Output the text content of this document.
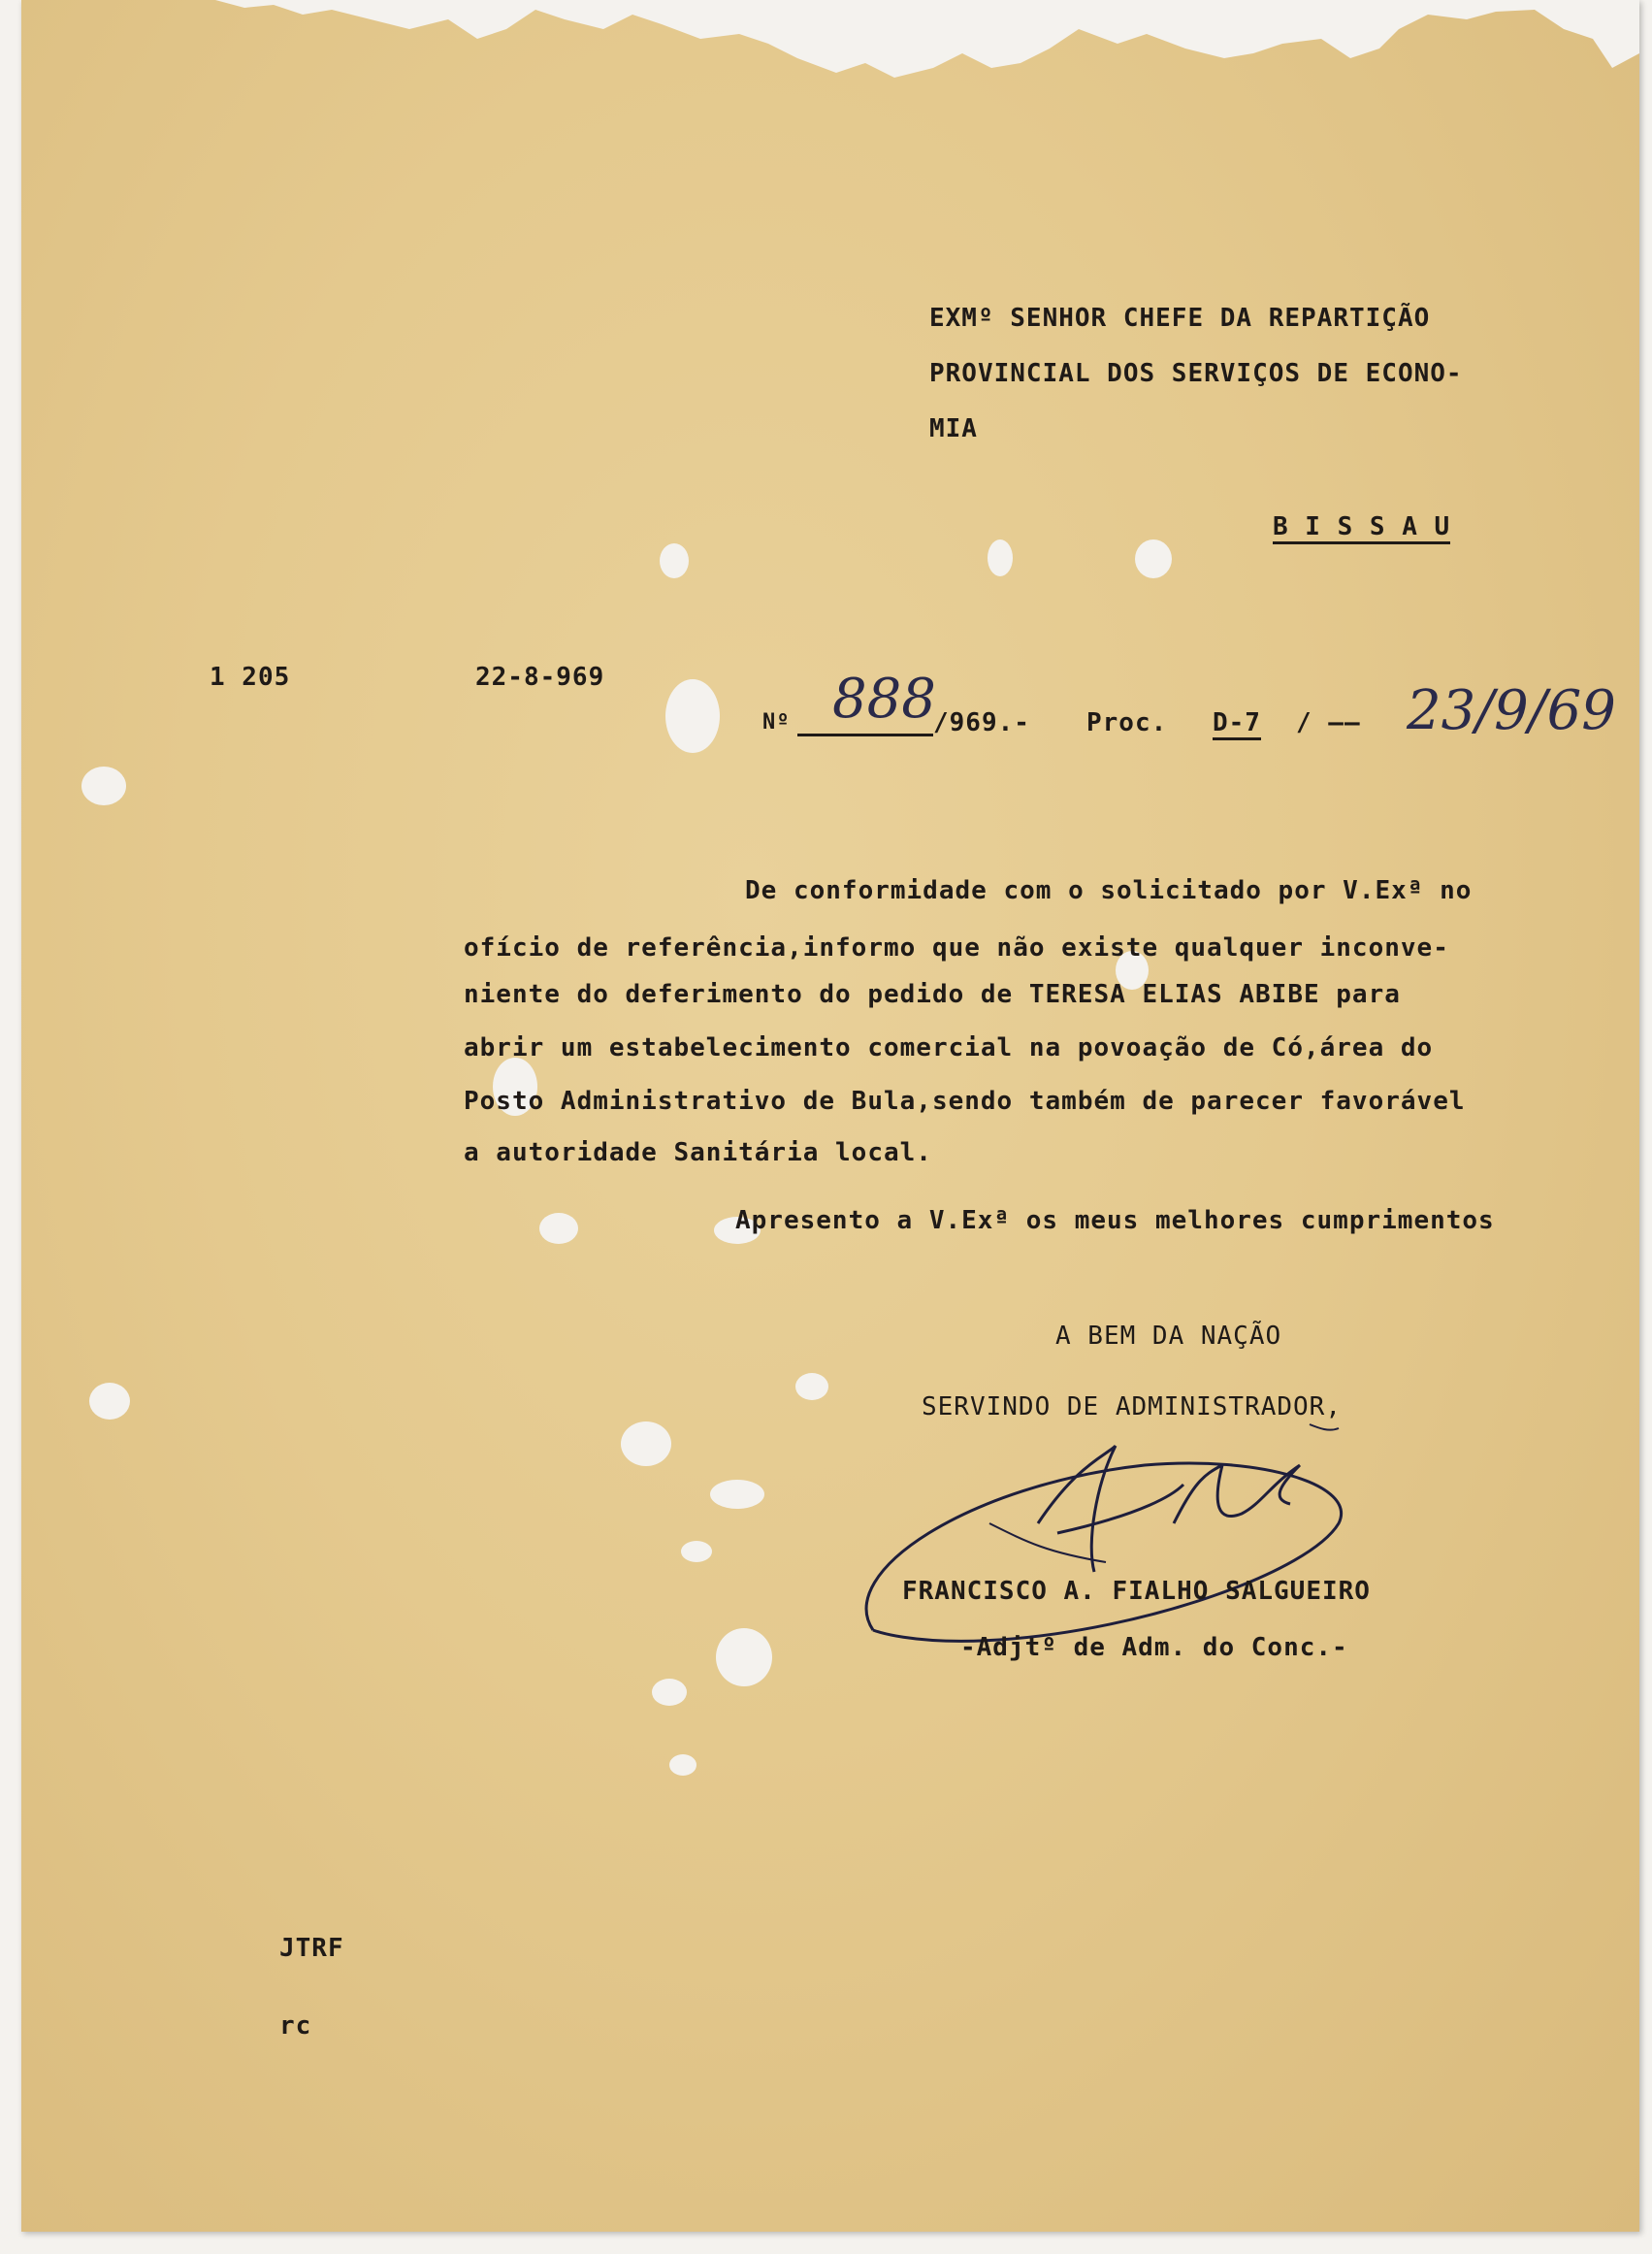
EXMº SENHOR CHEFE DA REPARTIÇÃO
PROVINCIAL DOS SERVIÇOS DE ECONO-
MIA
B I S S A U
1 205	22-8-969
Nº 888
/969.- Proc. D-7 / —— 23/9/69
De conformidade com o solicitado por V.Exª no
ofício de referência,informo que não existe qualquer inconve-
niente do deferimento do pedido de TERESA ELIAS ABIBE para
abrir um estabelecimento comercial na povoação de Có,área do
Posto Administrativo de Bula,sendo também de parecer favorável
a autoridade Sanitária local.
Apresento a V.Exª os meus melhores cumprimentos
A BEM DA NAÇÃO
SERVINDO DE ADMINISTRADOR,
FRANCISCO A. FIALHO SALGUEIRO
-Adjtº de Adm. do Conc.-
JTRF
rc
